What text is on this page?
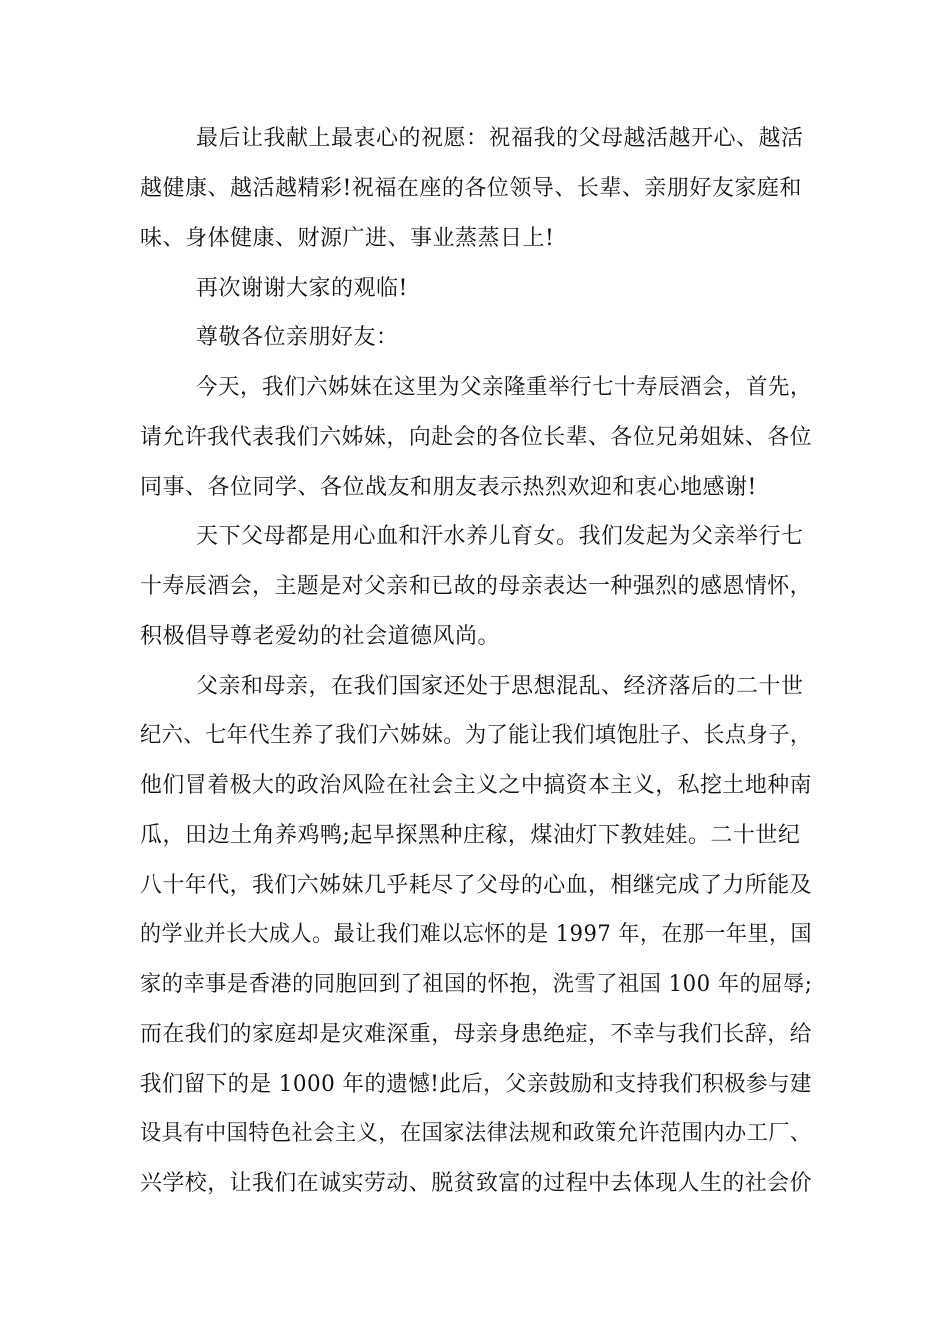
最后让我献上最衷心的祝愿：祝福我的父母越活越开心、越活
越健康、越活越精彩!祝福在座的各位领导、长辈、亲朋好友家庭和
味、身体健康、财源广进、事业蒸蒸日上!
再次谢谢大家的观临!
尊敬各位亲朋好友：
今天，我们六姊妹在这里为父亲隆重举行七十寿辰酒会，首先，
请允许我代表我们六姊妹，向赴会的各位长辈、各位兄弟姐妹、各位
同事、各位同学、各位战友和朋友表示热烈欢迎和衷心地感谢!
天下父母都是用心血和汗水养儿育女。我们发起为父亲举行七
十寿辰酒会，主题是对父亲和已故的母亲表达一种强烈的感恩情怀，
积极倡导尊老爱幼的社会道德风尚。
父亲和母亲，在我们国家还处于思想混乱、经济落后的二十世
纪六、七年代生养了我们六姊妹。为了能让我们填饱肚子、长点身子，
他们冒着极大的政治风险在社会主义之中搞资本主义，私挖土地种南
瓜，田边土角养鸡鸭;起早探黑种庄稼，煤油灯下教娃娃。二十世纪
八十年代，我们六姊妹几乎耗尽了父母的心血，相继完成了力所能及
的学业并长大成人。最让我们难以忘怀的是 1997 年，在那一年里，国
家的幸事是香港的同胞回到了祖国的怀抱，洗雪了祖国 100 年的屈辱;
而在我们的家庭却是灾难深重，母亲身患绝症，不幸与我们长辞，给
我们留下的是 1000 年的遗憾!此后，父亲鼓励和支持我们积极参与建
设具有中国特色社会主义，在国家法律法规和政策允许范围内办工厂、
兴学校，让我们在诚实劳动、脱贫致富的过程中去体现人生的社会价
